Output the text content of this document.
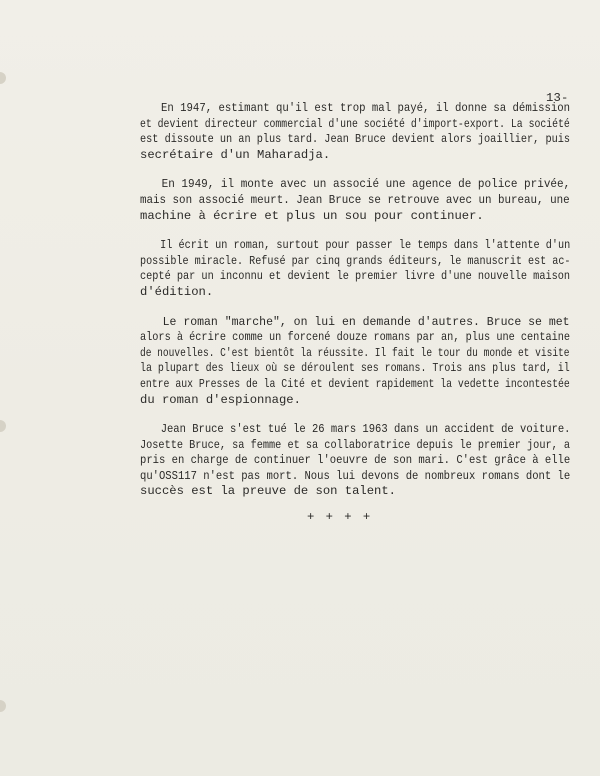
13-
En 1947, estimant qu'il est trop mal payé, il donne sa démission
et devient directeur commercial d'une société d'import-export. La société
est dissoute un an plus tard. Jean Bruce devient alors joaillier, puis
secrétaire d'un Maharadja.
En 1949, il monte avec un associé une agence de police privée,
mais son associé meurt. Jean Bruce se retrouve avec un bureau, une
machine à écrire et plus un sou pour continuer.
Il écrit un roman, surtout pour passer le temps dans l'attente d'un
possible miracle. Refusé par cinq grands éditeurs, le manuscrit est ac-
cepté par un inconnu et devient le premier livre d'une nouvelle maison
d'édition.
Le roman "marche", on lui en demande d'autres. Bruce se met
alors à écrire comme un forcené douze romans par an, plus une centaine
de nouvelles. C'est bientôt la réussite. Il fait le tour du monde et visite
la plupart des lieux où se déroulent ses romans. Trois ans plus tard, il
entre aux Presses de la Cité et devient rapidement la vedette incontestée
du roman d'espionnage.
Jean Bruce s'est tué le 26 mars 1963 dans un accident de voiture.
Josette Bruce, sa femme et sa collaboratrice depuis le premier jour, a
pris en charge de continuer l'oeuvre de son mari. C'est grâce à elle
qu'OSS117 n'est pas mort. Nous lui devons de nombreux romans dont le
succès est la preuve de son talent.
+ + + +
